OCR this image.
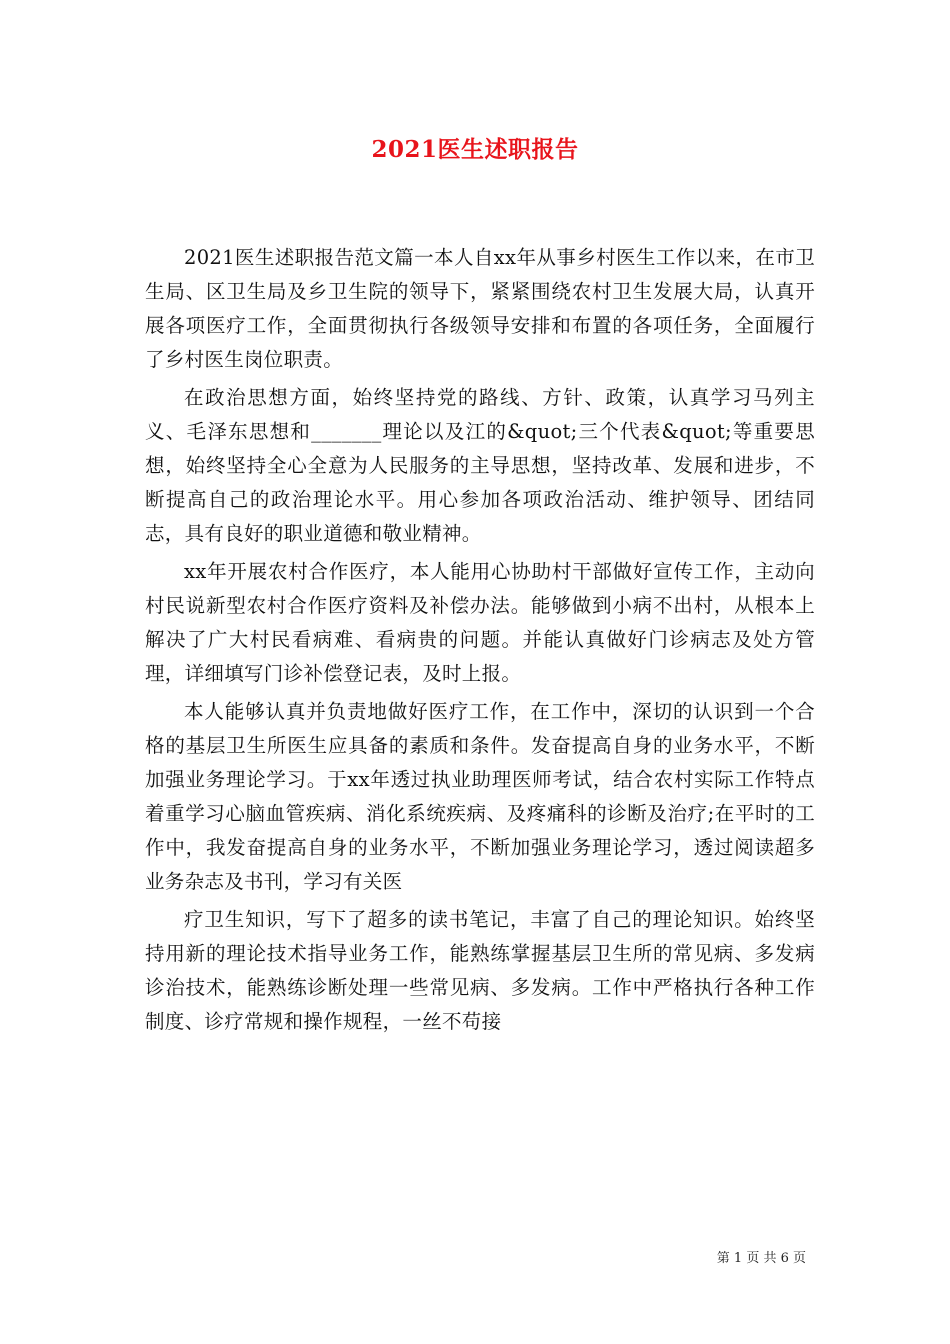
2021医生述职报告

2021医生述职报告范文篇一本人自xx年从事乡村医生工作以来，在市卫生局、区卫生局及乡卫生院的领导下，紧紧围绕农村卫生发展大局，认真开展各项医疗工作，全面贯彻执行各级领导安排和布置的各项任务，全面履行了乡村医生岗位职责。

在政治思想方面，始终坚持党的路线、方针、政策，认真学习马列主义、毛泽东思想和_______理论以及江的&quot;三个代表&quot;等重要思想，始终坚持全心全意为人民服务的主导思想，坚持改革、发展和进步，不断提高自己的政治理论水平。用心参加各项政治活动、维护领导、团结同志，具有良好的职业道德和敬业精神。

xx年开展农村合作医疗，本人能用心协助村干部做好宣传工作，主动向村民说新型农村合作医疗资料及补偿办法。能够做到小病不出村，从根本上解决了广大村民看病难、看病贵的问题。并能认真做好门诊病志及处方管理，详细填写门诊补偿登记表，及时上报。

本人能够认真并负责地做好医疗工作，在工作中，深切的认识到一个合格的基层卫生所医生应具备的素质和条件。发奋提高自身的业务水平，不断加强业务理论学习。于xx年透过执业助理医师考试，结合农村实际工作特点着重学习心脑血管疾病、消化系统疾病、及疼痛科的诊断及治疗;在平时的工作中，我发奋提高自身的业务水平，不断加强业务理论学习，透过阅读超多业务杂志及书刊，学习有关医

疗卫生知识，写下了超多的读书笔记，丰富了自己的理论知识。始终坚持用新的理论技术指导业务工作，能熟练掌握基层卫生所的常见病、多发病诊治技术，能熟练诊断处理一些常见病、多发病。工作中严格执行各种工作制度、诊疗常规和操作规程，一丝不苟接

第 1 页 共 6 页
